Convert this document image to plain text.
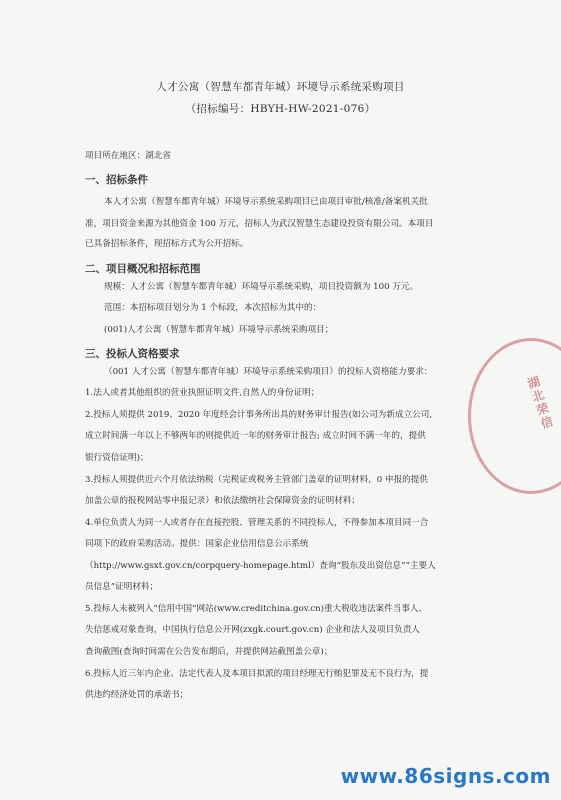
人才公寓（智慧车都青年城）环境导示系统采购项目
（招标编号：HBYH-HW-2021-076）
项目所在地区：湖北省
一、招标条件
本人才公寓（智慧车都青年城）环境导示系统采购项目已由项目审批/核准/备案机关批
准，项目资金来源为其他资金 100 万元，招标人为武汉智慧生态建设投资有限公司。本项目
已具备招标条件，现招标方式为公开招标。
二、项目概况和招标范围
规模：人才公寓（智慧车都青年城）环境导示系统采购，项目投资额为 100 万元。
范围：本招标项目划分为 1 个标段，本次招标为其中的：
(001)人才公寓（智慧车都青年城）环境导示系统采购项目；
三、投标人资格要求
（001 人才公寓（智慧车都青年城）环境导示系统采购项目）的投标人资格能力要求：
1.法人或者其他组织的营业执照证明文件,自然人的身份证明；
2.投标人须提供 2019、2020 年度经会计事务所出具的财务审计报告(如公司为新成立公司,
成立时间满一年以上不够两年的则提供近一年的财务审计报告; 成立时间不满一年的，提供
银行资信证明)；
3.投标人须提供近六个月依法纳税（完税证或税务主管部门盖章的证明材料，0 申报的提供
加盖公章的报税网站零申报记录）和依法缴纳社会保障资金的证明材料；
4.单位负责人为同一人或者存在直接控股、管理关系的不同投标人，不得参加本项目同一合
同项下的政府采购活动。提供：国家企业信用信息公示系统
（http://www.gsxt.gov.cn/corpquery-homepage.html）查询“股东及出资信息”“主要人
员信息”证明材料；
5.投标人未被列入”信用中国”网站(www.creditchina.gov.cn)重大税收违法案件当事人、
失信惩戒对象查询，中国执行信息公开网(zxgk.court.gov.cn) 企业和法人及项目负责人
查询截图(查询时间需在公告发布期后，并提供网站截图盖公章)；
6.投标人近三年内企业、法定代表人及本项目拟派的项目经理无行贿犯罪及无不良行为，提
供违约经济处罚的承诺书；
湖北荣信
www.86signs.com
